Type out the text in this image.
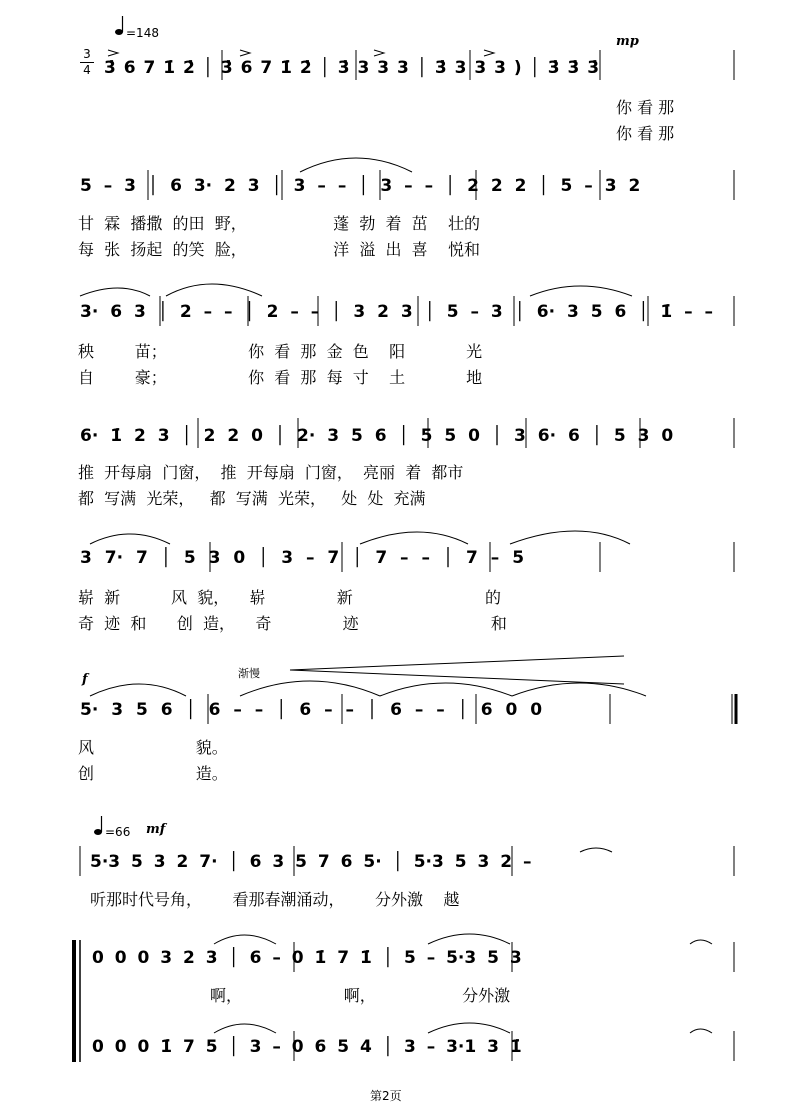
=148
3
4 3̇ 6 7 1̇ 2̇ │ 3̇ 6 7 1̇ 2̇ │ 3̇ 3 3 3 │ 3̇ 3 3 3 ) │ 3̇ 3̇ 3̇
mp
你 看 那
你 看 那
5 – 3 │ 6 3· 2 3 │ 3 – – │ 3 – – │ 2 2 2 │ 5 – 3 2
甘  霖  播撒  的田  野，                 蓬  勃  着  茁    壮的
每  张  扬起  的笑  脸，                 洋  溢  出  喜    悦和
3· 6 3 │ 2 – – │ 2 – – │ 3 2 3 │ 5 – 3 │ 6· 3 5 6 │ 1̇ – –
秧        苗；                你  看  那  金  色    阳            光
自        豪；                你  看  那  每  寸    土            地
6· 1̇ 2 3 │ 2 2 0 │ 2· 3 5 6 │ 5 5 0 │ 3 6· 6 │ 5 3 0
推  开每扇  门窗，  推  开每扇  门窗，  亮丽  着  都市
都  写满  光荣，   都  写满  光荣，   处  处  充满
3 7· 7 │ 5 3 0 │ 3 – 7 │ 7 – – │ 7 – 5
崭  新          风  貌，    崭              新                          的
奇  迹  和      创  造，    奇              迹                          和
f	渐慢
5· 3 5 6 │ 6 – – │ 6 – – │ 6 – – │ 6 0 0
风                    貌。
创                    造。
=66 mf
5·3 5 3 2 7· │ 6 3 5 7 6 5· │ 5·3 5 3 2 –
听那时代号角，      看那春潮涌动，      分外激    越
0 0 0 3 2 3 │ 6 – 0 1̇ 7 1̇ │ 5 – 5·3 5 3
啊，                    啊，                 分外激
0 0 0 1̇ 7 5 │ 3 – 0 6 5 4 │ 3 – 3·1 3 1̇
第2页
